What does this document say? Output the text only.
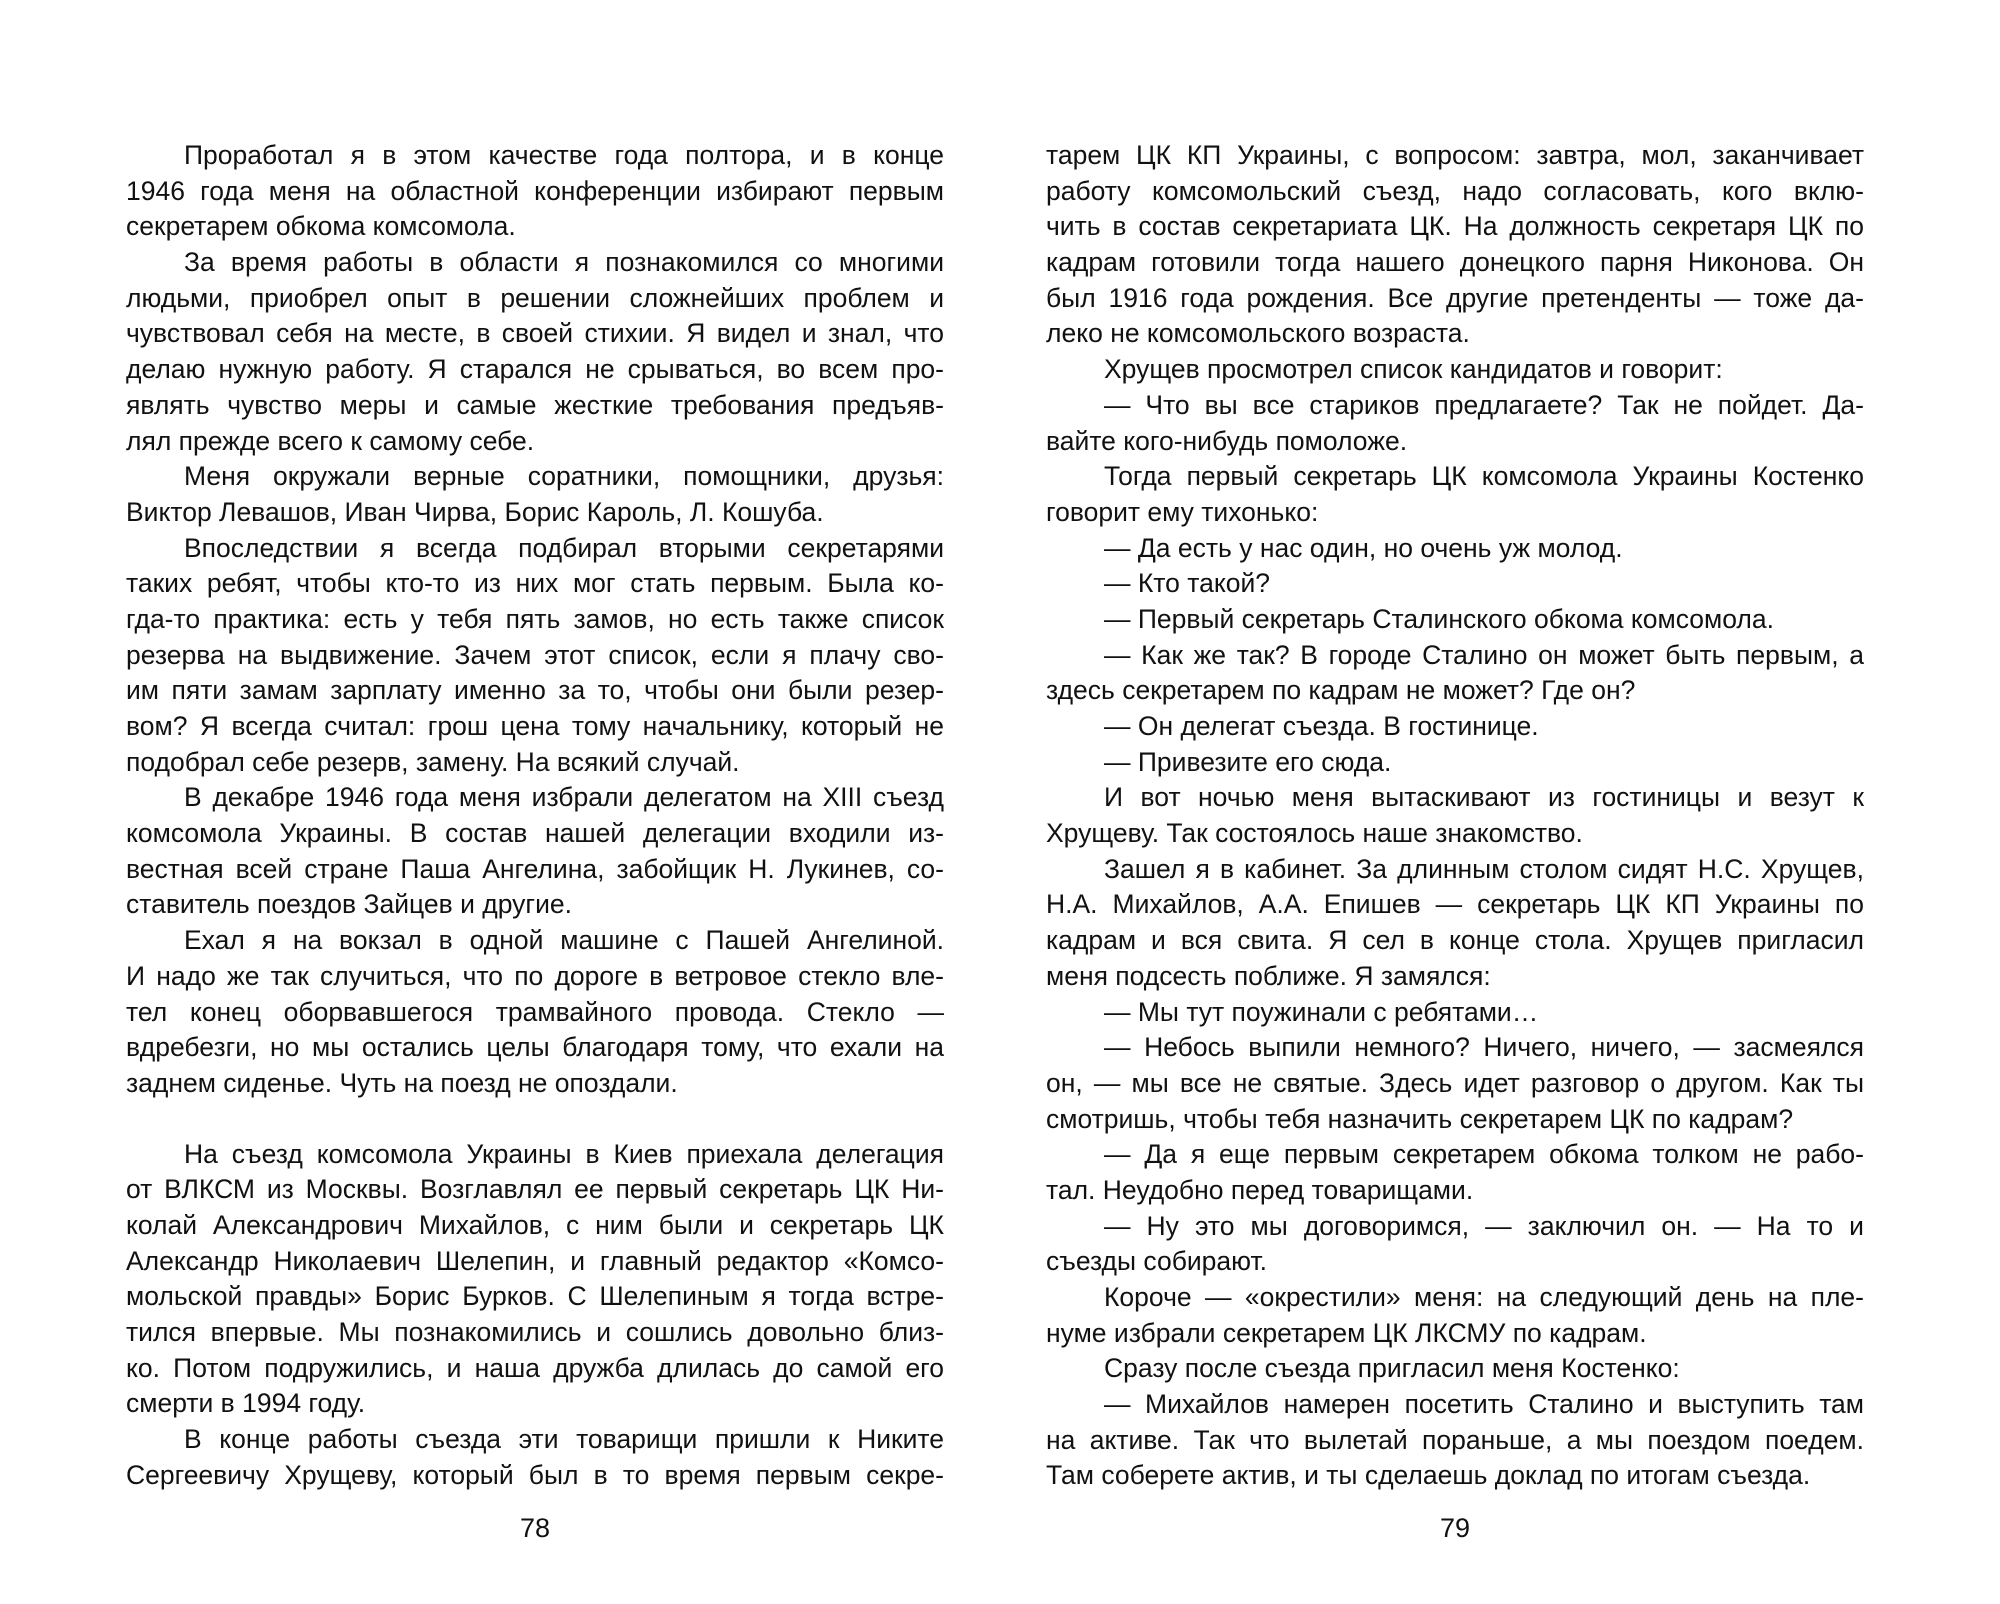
Проработал я в этом качестве года полтора, и в конце
1946 года меня на областной конференции избирают первым
секретарем обкома комсомола.
За время работы в области я познакомился со многими
людьми, приобрел опыт в решении сложнейших проблем и
чувствовал себя на месте, в своей стихии. Я видел и знал, что
делаю нужную работу. Я старался не срываться, во всем про-
являть чувство меры и самые жесткие требования предъяв-
лял прежде всего к самому себе.
Меня окружали верные соратники, помощники, друзья:
Виктор Левашов, Иван Чирва, Борис Кароль, Л. Кошуба.
Впоследствии я всегда подбирал вторыми секретарями
таких ребят, чтобы кто-то из них мог стать первым. Была ко-
гда-то практика: есть у тебя пять замов, но есть также список
резерва на выдвижение. Зачем этот список, если я плачу сво-
им пяти замам зарплату именно за то, чтобы они были резер-
вом? Я всегда считал: грош цена тому начальнику, который не
подобрал себе резерв, замену. На всякий случай.
В декабре 1946 года меня избрали делегатом на XIII съезд
комсомола Украины. В состав нашей делегации входили из-
вестная всей стране Паша Ангелина, забойщик Н. Лукинев, со-
ставитель поездов Зайцев и другие.
Ехал я на вокзал в одной машине с Пашей Ангелиной.
И надо же так случиться, что по дороге в ветровое стекло вле-
тел конец оборвавшегося трамвайного провода. Стекло —
вдребезги, но мы остались целы благодаря тому, что ехали на
заднем сиденье. Чуть на поезд не опоздали.
На съезд комсомола Украины в Киев приехала делегация
от ВЛКСМ из Москвы. Возглавлял ее первый секретарь ЦК Ни-
колай Александрович Михайлов, с ним были и секретарь ЦК
Александр Николаевич Шелепин, и главный редактор «Комсо-
мольской правды» Борис Бурков. С Шелепиным я тогда встре-
тился впервые. Мы познакомились и сошлись довольно близ-
ко. Потом подружились, и наша дружба длилась до самой его
смерти в 1994 году.
В конце работы съезда эти товарищи пришли к Никите
Сергеевичу Хрущеву, который был в то время первым секре-
тарем ЦК КП Украины, с вопросом: завтра, мол, заканчивает
работу комсомольский съезд, надо согласовать, кого вклю-
чить в состав секретариата ЦК. На должность секретаря ЦК по
кадрам готовили тогда нашего донецкого парня Никонова. Он
был 1916 года рождения. Все другие претенденты — тоже да-
леко не комсомольского возраста.
Хрущев просмотрел список кандидатов и говорит:
— Что вы все стариков предлагаете? Так не пойдет. Да-
вайте кого-нибудь помоложе.
Тогда первый секретарь ЦК комсомола Украины Костенко
говорит ему тихонько:
— Да есть у нас один, но очень уж молод.
— Кто такой?
— Первый секретарь Сталинского обкома комсомола.
— Как же так? В городе Сталино он может быть первым, а
здесь секретарем по кадрам не может? Где он?
— Он делегат съезда. В гостинице.
— Привезите его сюда.
И вот ночью меня вытаскивают из гостиницы и везут к
Хрущеву. Так состоялось наше знакомство.
Зашел я в кабинет. За длинным столом сидят Н.С. Хрущев,
Н.А. Михайлов, А.А. Епишев — секретарь ЦК КП Украины по
кадрам и вся свита. Я сел в конце стола. Хрущев пригласил
меня подсесть поближе. Я замялся:
— Мы тут поужинали с ребятами…
— Небось выпили немного? Ничего, ничего, — засмеялся
он, — мы все не святые. Здесь идет разговор о другом. Как ты
смотришь, чтобы тебя назначить секретарем ЦК по кадрам?
— Да я еще первым секретарем обкома толком не рабо-
тал. Неудобно перед товарищами.
— Ну это мы договоримся, — заключил он. — На то и
съезды собирают.
Короче — «окрестили» меня: на следующий день на пле-
нуме избрали секретарем ЦК ЛКСМУ по кадрам.
Сразу после съезда пригласил меня Костенко:
— Михайлов намерен посетить Сталино и выступить там
на активе. Так что вылетай пораньше, а мы поездом поедем.
Там соберете актив, и ты сделаешь доклад по итогам съезда.
78	79
